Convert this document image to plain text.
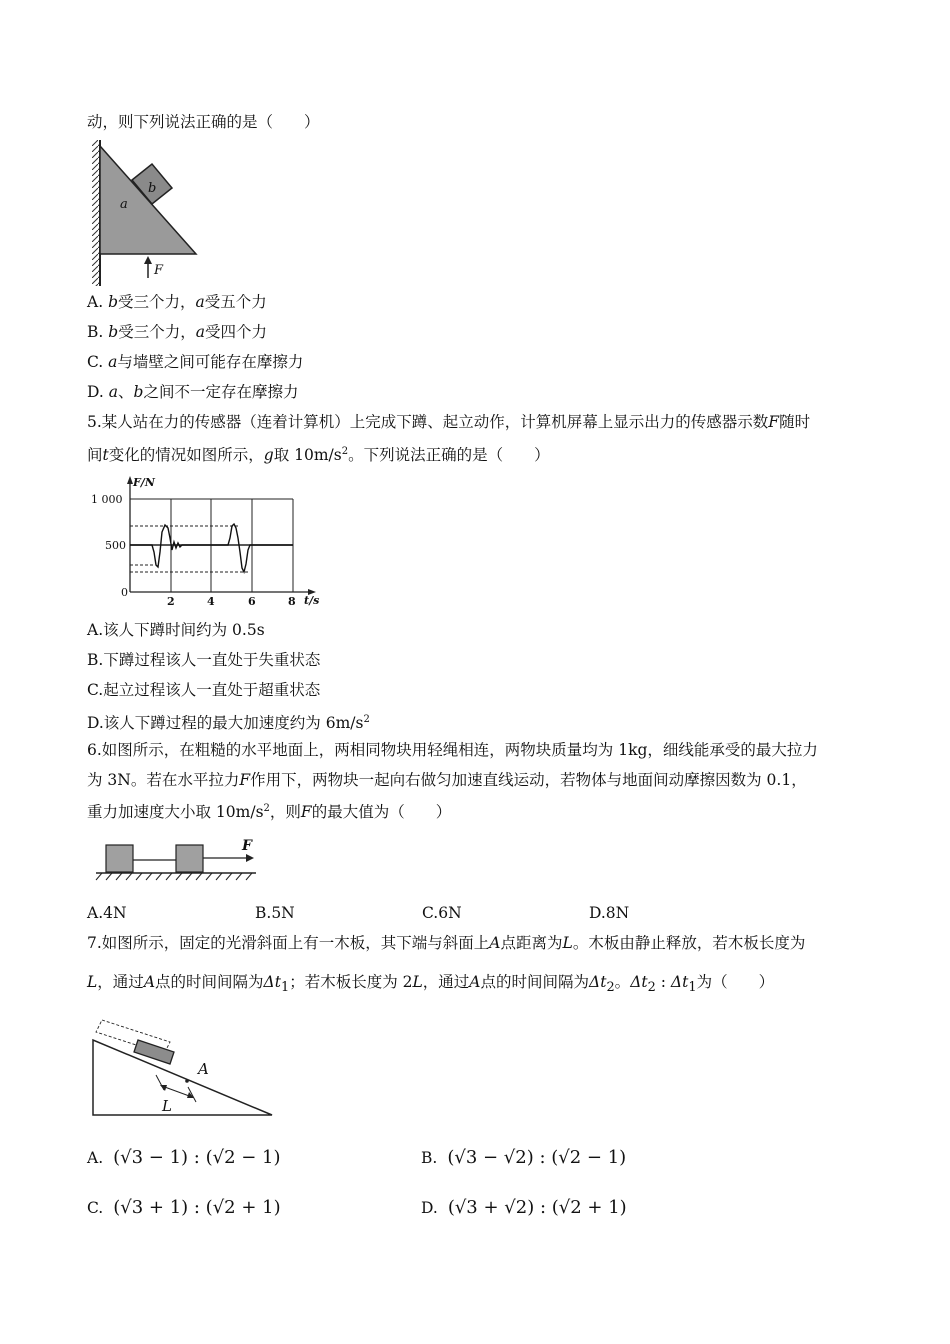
动，则下列说法正确的是（　　）
a
b
F
A. b受三个力，a受五个力
B. b受三个力，a受四个力
C. a与墙壁之间可能存在摩擦力
D. a、b之间不一定存在摩擦力
5.某人站在力的传感器（连着计算机）上完成下蹲、起立动作，计算机屏幕上显示出力的传感器示数F随时
间t变化的情况如图所示，g取 $10m/s^2$。下列说法正确的是（　　）
F/N
t/s
1 000
500
0
2	4	6	8
A.该人下蹲时间约为 0.5s
B.下蹲过程该人一直处于失重状态
C.起立过程该人一直处于超重状态
D.该人下蹲过程的最大加速度约为 $6m/s^2$
6.如图所示，在粗糙的水平地面上，两相同物块用轻绳相连，两物块质量均为 1kg，细线能承受的最大拉力
为 3N。若在水平拉力F作用下，两物块一起向右做匀加速直线运动，若物体与地面间动摩擦因数为 0.1，
重力加速度大小取 $10m/s^2$，则F的最大值为（　　）
F
A.4N	B.5N	C.6N	D.8N
7.如图所示，固定的光滑斜面上有一木板，其下端与斜面上A点距离为L。木板由静止释放，若木板长度为
L，通过A点的时间间隔为$\Delta t_1$；若木板长度为 2L，通过A点的时间间隔为$\Delta t_2$。$\Delta t_2$ : $\Delta t_1$为（　　）
A
L
A. (√3 − 1) : (√2 − 1)	B. (√3 − √2) : (√2 − 1)
C. (√3 + 1) : (√2 + 1)	D. (√3 + √2) : (√2 + 1)
